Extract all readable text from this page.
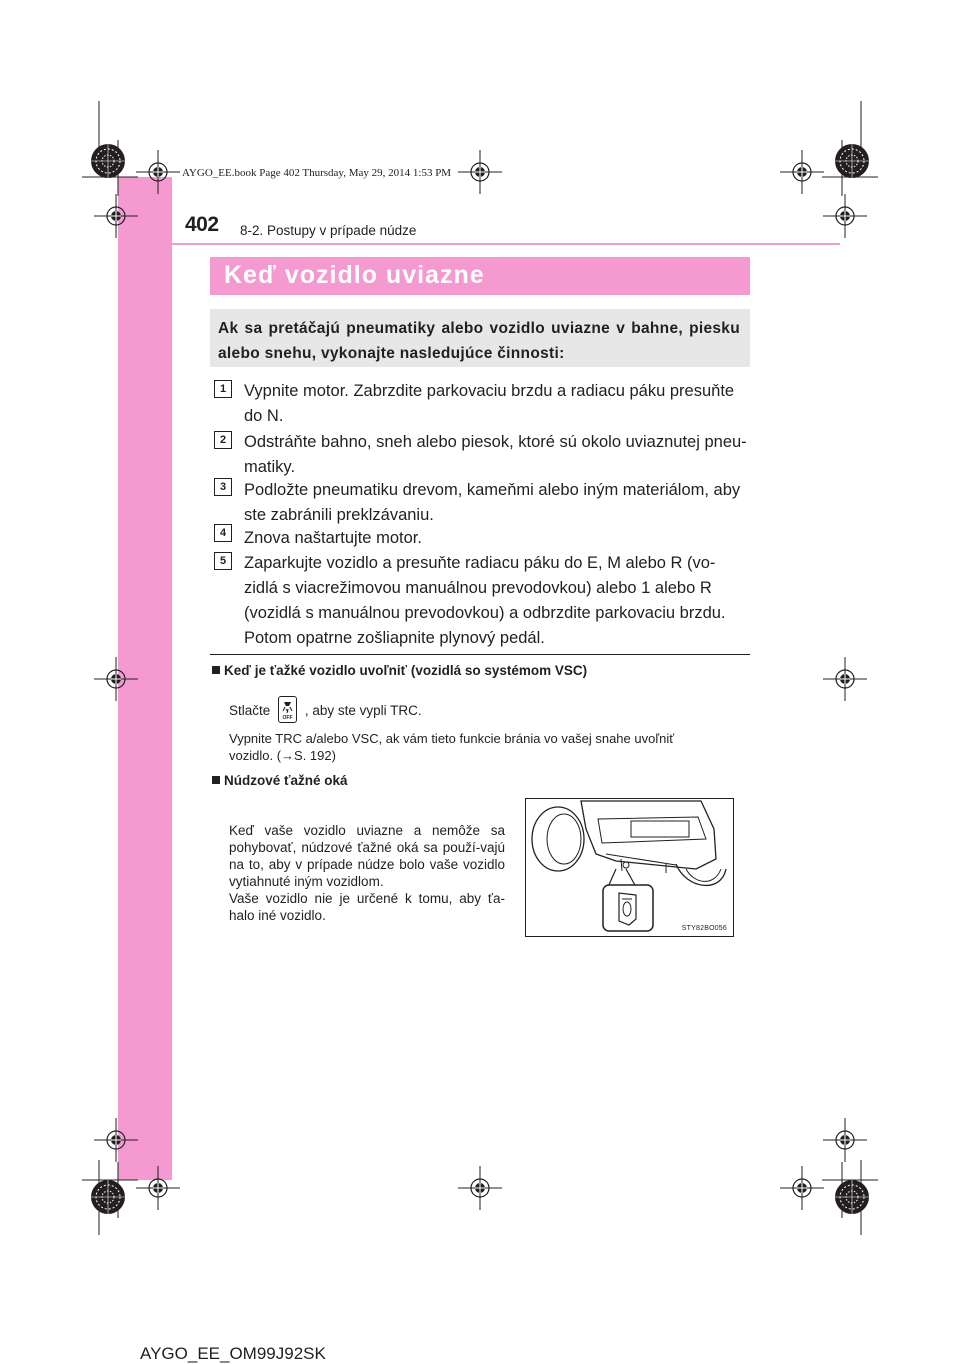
AYGO_EE.book Page 402 Thursday, May 29, 2014 1:53 PM
402 8-2. Postupy v prípade núdze
Keď vozidlo uviazne
Ak sa pretáčajú pneumatiky alebo vozidlo uviazne v bahne, piesku alebo snehu, vykonajte nasledujúce činnosti:
1	Vypnite motor. Zabrzdite parkovaciu brzdu a radiacu páku presuňte
do N.
2	Odstráňte bahno, sneh alebo piesok, ktoré sú okolo uviaznutej pneu-
matiky.
3	Podložte pneumatiku drevom, kameňmi alebo iným materiálom, aby
ste zabránili preklzávaniu.
4	Znova naštartujte motor.
5	Zaparkujte vozidlo a presuňte radiacu páku do E, M alebo R (vo-
zidlá s viacrežimovou manuálnou prevodovkou) alebo 1 alebo R
(vozidlá s manuálnou prevodovkou) a odbrzdite parkovaciu brzdu.
Potom opatrne zošliapnite plynový pedál.
Keď je ťažké vozidlo uvoľniť (vozidlá so systémom VSC)
Stlačte OFF , aby ste vypli TRC.
Vypnite TRC a/alebo VSC, ak vám tieto funkcie bránia vo vašej snahe uvoľniť
vozidlo. (→S. 192)
Núdzové ťažné oká
Keď vaše vozidlo uviazne a nemôže sa pohybovať, núdzové ťažné oká sa použí-vajú na to, aby v prípade núdze bolo vaše vozidlo vytiahnuté iným vozidlom.
Vaše vozidlo nie je určené k tomu, aby ťa-halo iné vozidlo.
STY82BO056
AYGO_EE_OM99J92SK
carmanualsonline.info
